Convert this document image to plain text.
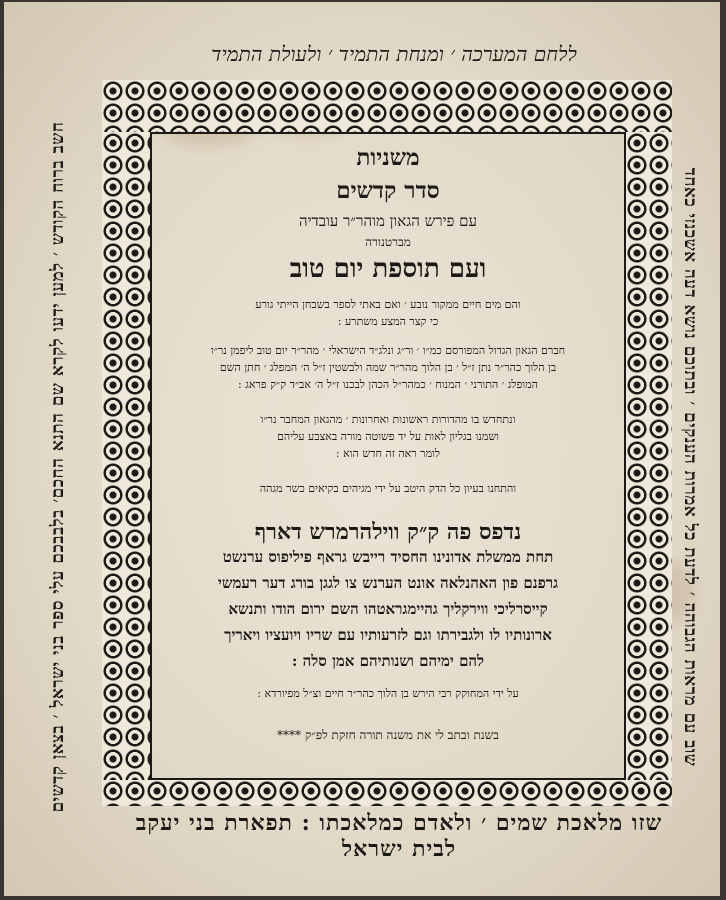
חשב ברוח הקודש ׳ למען ידעו לקרא שם התנא החכם׳ בלבבכם עלי ספר בני ישראל ׳ בצאן קדשים	שוב עם מראות הגבוהה ׳ לדעת כל אמרות הענקים ׳ ובתוכם נושא דעה אשכנזי כאחד
ללחם המערכה ׳ ומנחת התמיד ׳ ולעולת התמיד

משניות

סדר קדשים

עם פירש הגאון מוהר״ר עובדיה

מברטנורה

ועם תוספת יום טוב

והם מים חיים ממקור נובע ׳ ואם באתי לספר בשבחן הייתי גורע

כי קצר המצע משתרע :

חברם הגאון הגדול המפורסם כמ״ו ׳ ור״ג ונלג״ד הישראלי ׳ מהר״ר יום טוב ליפמן נר״ו

בן הלוך כהר״ר נתן ז״ל ׳ בן הלוך מהר״ר שמה ולבשטין ז״ל ה׳ המפלג ׳ חתן השם

המופלג ׳ התורני ׳ המנוח ׳ כמהר״ל הכהן לבכנו ז״ל ה׳ אב״ד ק״ק פראג :

ונתחדש בו מהדורות ראשונות ואחרונות ׳ מהגאון המחבר נר״ו

ושמנו בגליון לאות על יד פשוטה מורה באצבע עליהם

לומר ראה זה חדש הוא :

והתחנו בעיון כל הדק היטב על ידי מגיהים בקיאים כשר מגהה

נדפס פה ק״ק ווילהרמרש דארף

תחת ממשלת אדונינו החסיד רייבש גראף פיליפוס ערנשט

גרפנם פון האהנלאה אונט הערנש צו לגגן בורג דער רעמשי

קייסרליכי ווירקליך גהיימגראטהו השם ירום הודו ותנשא

ארונותיו לו ולגבירתו וגם לזרעותיו עם שריו ויועציו ויאריך

להם ימיהם ושנותיהם אמן סלה :

על ידי המחוקק רבי הירש בן הלוך כהר״ר חיים וצ״ל מפיורדא :

בשנת ובתב לי את משנה תורה חזקת לפ״ק ****

שזו מלאכת שמים ׳ ולאדם כמלאכתו : תפארת בני יעקב לבית ישראל
